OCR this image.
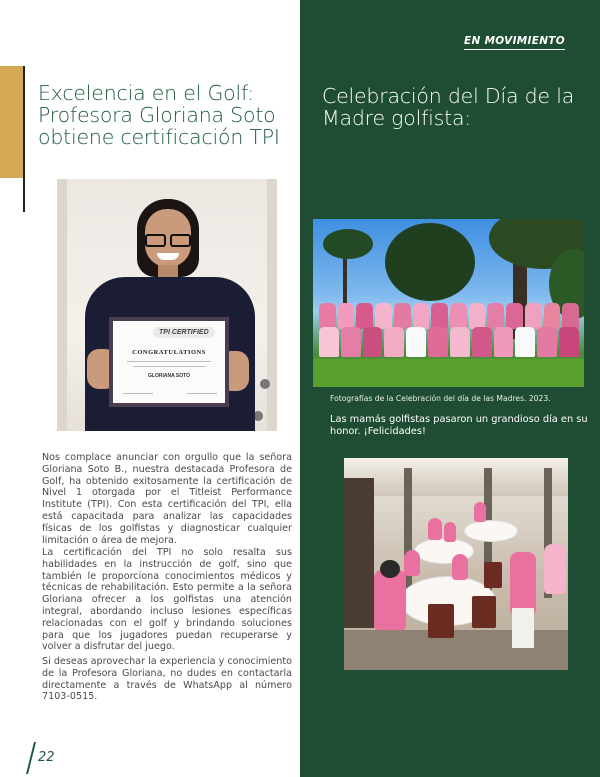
Excelencia en el Golf: Profesora Gloriana Soto obtiene certificación TPI
TPI CERTIFIED
CONGRATULATIONS
GLORIANA SOTO

Nos complace anunciar con orgullo que la señora Gloriana Soto B., nuestra destacada Profesora de Golf, ha obtenido exitosamente la certificación de Nivel 1 otorgada por el Titleist Performance Institute (TPI). Con esta certificación del TPI, ella está capacitada para analizar las capacidades físicas de los golfistas y diagnosticar cualquier limitación o área de mejora.

La certificación del TPI no solo resalta sus habilidades en la instrucción de golf, sino que también le proporciona conocimientos médicos y técnicas de rehabilitación. Esto permite a la señora Gloriana ofrecer a los golfistas una atención integral, abordando incluso lesiones específicas relacionadas con el golf y brindando soluciones para que los jugadores puedan recuperarse y volver a disfrutar del juego.

Si deseas aprovechar la experiencia y conocimiento de la Profesora Gloriana, no dudes en contactarla directamente a través de WhatsApp al número 7103-0515.

22
EN MOVIMIENTO
Celebración del Día de la Madre golfista:

Fotografías de la Celebración del día de las Madres. 2023.

Las mamás golfistas pasaron un grandioso día en su honor. ¡Felicidades!
